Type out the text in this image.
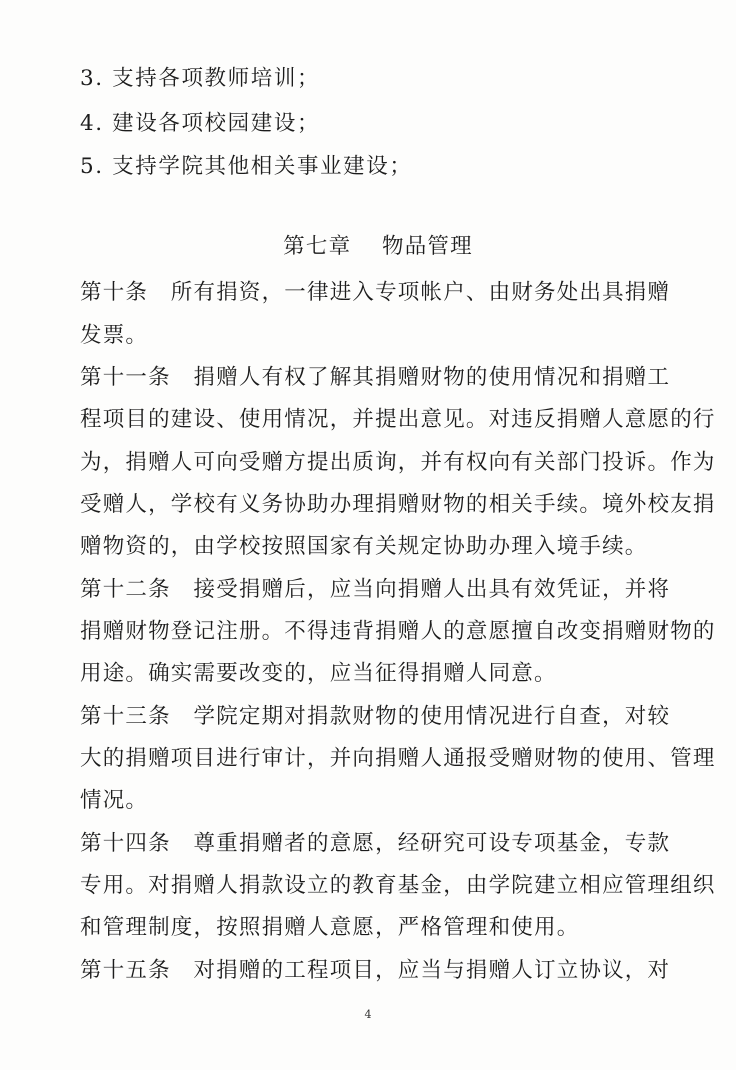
3. 支持各项教师培训；
4. 建设各项校园建设；
5. 支持学院其他相关事业建设；
第七章　 物品管理
第十条　所有捐资，一律进入专项帐户、由财务处出具捐赠
发票。
第十一条　捐赠人有权了解其捐赠财物的使用情况和捐赠工
程项目的建设、使用情况，并提出意见。对违反捐赠人意愿的行
为，捐赠人可向受赠方提出质询，并有权向有关部门投诉。作为
受赠人，学校有义务协助办理捐赠财物的相关手续。境外校友捐
赠物资的，由学校按照国家有关规定协助办理入境手续。
第十二条　接受捐赠后，应当向捐赠人出具有效凭证，并将
捐赠财物登记注册。不得违背捐赠人的意愿擅自改变捐赠财物的
用途。确实需要改变的，应当征得捐赠人同意。
第十三条　学院定期对捐款财物的使用情况进行自查，对较
大的捐赠项目进行审计，并向捐赠人通报受赠财物的使用、管理
情况。
第十四条　尊重捐赠者的意愿，经研究可设专项基金，专款
专用。对捐赠人捐款设立的教育基金，由学院建立相应管理组织
和管理制度，按照捐赠人意愿，严格管理和使用。
第十五条　对捐赠的工程项目，应当与捐赠人订立协议，对
4
